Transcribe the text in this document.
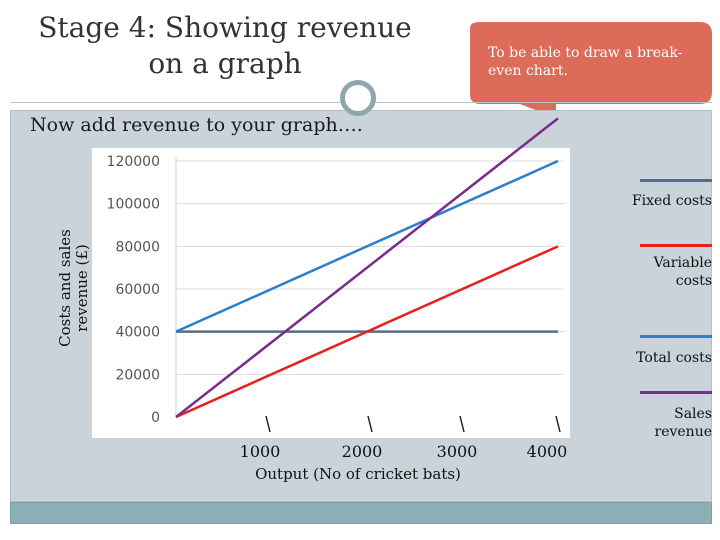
Stage 4: Showing revenue on a graph	To be able to draw a break-even chart.
Now add revenue to your graph….
0
20000
40000
60000
80000
100000
120000
1000	2000	3000	4000
Output (No of cricket bats)
Costs and salesrevenue (£)
Fixed costs
Variable costs
Total costs
Sales revenue
